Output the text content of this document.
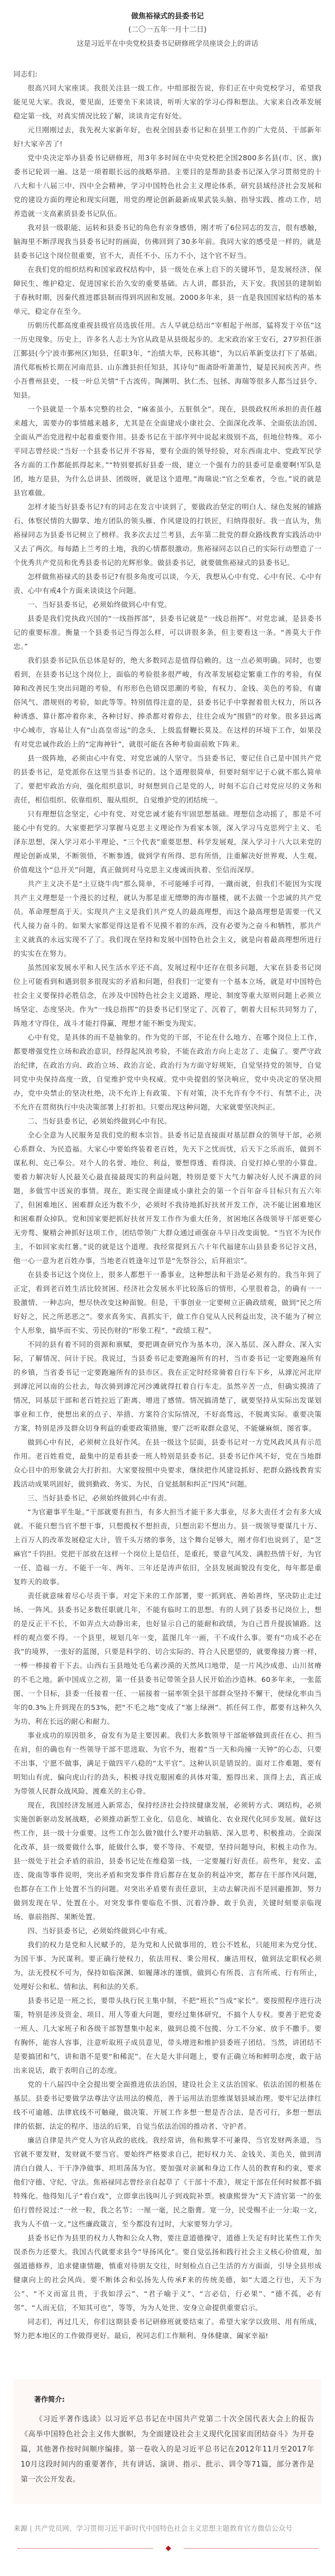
做焦裕禄式的县委书记
(二〇一五年一月十二日)
这是习近平在中央党校县委书记研修班学员座谈会上的讲话

同志们:

很高兴同大家座谈。我很关注县一级工作。中组部报告说，你们正在中央党校学习，希望我能见见大家。我说，要见面，还要坐下来谈谈，听听大家的学习心得和想法。大家来自改革发展稳定第一线，对真实情况比较了解，谈谈肯定有好处。

元旦刚刚过去，我先祝大家新年好，也祝全国县委书记和在县里工作的广大党员、干部新年好!大家辛苦了!

党中央决定举办县委书记研修班，用3年多时间在中央党校把全国2800多名县(市、区、旗)委书记轮训一遍。这是一项着眼长远的战略举措。主要目的是帮助县委书记深入学习贯彻党的十八大和十八届三中、四中全会精神，学习中国特色社会主义理论体系，研究县域经济社会发展和党的建设方面的理论和现实问题，用党的理论创新最新成果武装头脑、指导实践、推动工作，培养造就一支高素质县委书记队伍。

我对县一级职能、运转和县委书记的角色有亲身感悟，刚才听了6位同志的发言，很有感触，脑海里不断浮现我当县委书记时的画面，仿佛回到了30多年前。我同大家的感受是一样的，就是县委书记这个岗位很重要，官不大，责任不小、压力不小，这个官不好当。

在我们党的组织结构和国家政权结构中，县一级处在承上启下的关键环节，是发展经济、保障民生、维护稳定、促进国家长治久安的重要基础。古人讲，郡县治，天下安。我国县的建制始于春秋时期，因秦代推进郡县制而得到巩固和发展。2000多年来，县一直是我国国家结构的基本单元，稳定存在至今。

历朝历代都高度重视县级官员选拔任用。古人早就总结出“宰相起于州部，猛将发于卒伍”这一历史现象。历史上，许多名人志士为官从政是从县级起步的。北宋政治家王安石，27岁担任浙江鄞县(今宁波市鄞州区)知县，任职3年，“治绩大举，民称其德”，为以后革新变法打下了基础。清代郑板桥长期在河南范县、山东潍县担任知县，其诗句“衙斋卧听萧萧竹，疑是民间疾苦声。些小吾曹州县吏，一枝一叶总关情”千古流传。陶渊明、狄仁杰、包拯、海瑞等很多人都当过县令、知县。

一个县就是一个基本完整的社会，“麻雀虽小，五脏俱全”。现在，县级政权所承担的责任越来越大，需要办的事情越来越多，尤其是在全面建成小康社会、全面深化改革、全面依法治国、全面从严治党进程中起着重要作用。县委书记在干部序列中说起来级别不高，但地位特殊。邓小平同志曾经说:“当好一个县委书记并不容易，要有全面的领导经验，对东西南北中、党政军民学各方面的工作都能抓得起来。”“特别要抓好县委一级，建立一个强有力的县委可是重要啊!军队是团，地方是县，为什么总讲县、团级呀，就是这个道理。”海瑞说:“官之至难者，令也。”说的就是县官难做。

怎样才能当好县委书记?有的同志在发言中谈到了，要做政治坚定的明白人、绿色发展的铺路石、体察民情的大脚掌、地方团队的领头雁、作风建设的打铁匠，归纳得很好。我一直认为，焦裕禄同志为县委书记树立了榜样。我多次去过兰考县，去年第二批党的群众路线教育实践活动中又去了两次。每每踏上兰考的土地，我的心情都很激动。焦裕禄同志以自己的实际行动塑造了一个优秀共产党员和优秀县委书记的光辉形象。做县委书记，就要做焦裕禄式的县委书记。

怎样做焦裕禄式的县委书记?有很多角度可以谈，今天，我想从心中有党、心中有民、心中有责、心中有戒4个方面来谈谈这个问题。

一、当好县委书记，必须始终做到心中有党。

县委是我们党执政兴国的“一线指挥部”，县委书记就是“一线总指挥”。对党忠诚，是县委书记的重要标准。衡量一个县委书记当得怎么样，可以讲很多条，但主要看这一条。“善莫大于作忠。”

我们县委书记队伍总体是好的，绝大多数同志是值得信赖的。这一点必须明确。同时，也要看到，在县委书记这个岗位上，面临的考验很多很严峻，有改革发展稳定繁重工作的考验，有保障和改善民生突出问题的考验，有形形色色错误思潮的考验，有权力、金钱、美色的考验，有庸俗风气、潜规则的考验，如此等等。特别值得注意的是，县委书记手中掌握着很大权力，所以各种诱惑、算计都冲着你来，各种讨好、捧杀都对着你去，往往会成为“围猎”的对象。很多县远离中心城市，容易让人有“山高皇帝远”的念头，上级监督鞭长莫及。在这样的环境下工作，如果没有对党忠诚作政治上的“定海神针”，就很可能在各种考验面前败下阵来。

县一级阵地，必须由心中有党、对党忠诚的人坚守。当县委书记，要记住自己是中国共产党的县委书记，是党派你在这里当县委书记的。这个道理很简单，但要时刻牢记于心就不那么简单了。要把牢政治方向，强化组织意识，时刻想到自己是党的人，时刻不忘自己对党应尽的义务和责任，相信组织、依靠组织、服从组织，自觉维护党的团结统一。

只有理想信念坚定，心中有党、对党忠诚才能有牢固思想基础。理想信念动摇了，那是不可能心中有党的。大家要把学习掌握马克思主义理论作为看家本领，深入学习马克思列宁主义、毛泽东思想，深入学习邓小平理论、“三个代表”重要思想、科学发展观，深入学习十八大以来党的理论创新成果，不断领悟，不断参透，做到学有所得、思有所悟，注重解决好世界观、人生观、价值观这个“总开关”问题，真正做到对马克思主义虔诚而执着、至信而深厚。

共产主义决不是“土豆烧牛肉”那么简单，不可能唾手可得，一蹴而就，但我们不能因为实现共产主义理想是一个漫长的过程，就认为那是虚无缥缈的海市蜃楼，就不去做一个忠诚的共产党员。革命理想高于天。实现共产主义是我们共产党人的最高理想，而这个最高理想是需要一代又代人接力奋斗的。如果大家都觉得这是看不见摸不着的东西，没有必要为之奋斗和牺牲，那共产主义就真的永远实现不了了。我们现在坚持和发展中国特色社会主义，就是向着最高理想所进行的实实在在努力。

虽然国家发展水平和人民生活水平还不高，发展过程中还存在很多问题，大家在县委书记岗位上可能看到和遇到很多很现实的矛盾和问题，但我们一定要有一个基本立场，就是对中国特色社会主义要保持必胜信念，在涉及中国特色社会主义道路、理论、制度等重大原则问题上必须立场坚定、态度坚决。作为“一线总指挥”的县委书记们坚定了、沉着了，朝着大目标共同努力了，阵地才守得住，战斗才能打得赢，理想才能不断变为现实。

心中有党，是具体的而不是抽象的。作为党的干部，不论在什么地方、在哪个岗位上工作，都要增强党性立场和政治意识，经得起风浪考验，不能在政治方向上走岔了、走偏了。要严守政治纪律，在政治方向、政治立场、政治言论、政治行为方面守好规矩，自觉坚持党的领导，自觉同党中央保持高度一致，自觉维护党中央权威。党中央提倡的坚决响应，党中央决定的坚决照办，党中央禁止的坚决杜绝，决不允许上有政策、下有对策，决不允许有令不行、有禁不止，决不允许在贯彻执行中央决策部署上打折扣。只要出现这种问题，大家就要坚决纠正。

二、当好县委书记，必须始终做到心中有民。

全心全意为人民服务是我们党的根本宗旨。县委书记是直接面对基层群众的领导干部，必须心系群众、为民造福。大家心中要始终装着老百姓，先天下之忧而忧，后天下之乐而乐，做到不谋私利、克己奉公。对个人的名誉、地位、利益，要想得透、看得淡，自觉打掉心里的小算盘。要着力解决好人民最关心最直接最现实的利益问题，特别是要下大气力解决好人民不满意的问题，多做雪中送炭的事情。现在，距实现全面建成小康社会的第一个百年奋斗目标只有五六年了，但困难地区、困难群众还为数不少，必须时不我待地抓好扶贫开发工作，决不能让困难地区和困难群众掉队。党和国家要把抓好扶贫开发工作作为重大任务，贫困地区各级领导干部更要心无旁骛、聚精会神抓好这项工作，团结带领广大群众通过顽强奋斗早日改变面貌。“当官不为民作主，不如回家卖红薯。”说的就是这个道理。我经常提到五六十年代福建东山县县委书记谷文昌，他一心一意为老百姓办事，当地老百姓逢年过节是“先祭谷公，后拜祖宗”。

在县委书记这个岗位上，很多人都想干一番事业，这种想法和干劲是必须有的。我当年到了正定，看到老百姓生活比较贫困、经济社会发展水平比较落后的情形，心里很着急，的确有一一股激情、一种志向，想尽快改变这种面貌。但是，干事创业一定要树立正确政绩观，做到“民之所好好之，民之所恶恶之”。要求真务实、真抓实干，做工作自觉从人民利益出发，决不能为了树立个人形象，搞华而不实、劳民伤财的“形象工程”、“政绩工程”。

不同的县有着不同的资源和禀赋，要把调查研究作为基本功，深入基层、深入群众、深入实际，了解情况、问计于民。我说过，当县委书记走要跑遍所有的村，当市委书记一定要跑遍所有的乡镇，当省委书记一定要跑遍所有的县市区。我在正定时经常骑着自行车下乡，从滹沱河北岸到滹沱河以南的公社去，每次骑到滹沱河沙滩就得扛着自行车走。虽然辛苦一点，但确实摸清了情况，同基层干部和老百姓拉近了距离、增进了感情。情况搞清楚了，就要坚持从实际出发谋划事业和工作，使想出来的点子、举措、方案符合实际情况，不好高骛远，不脱离实际。重要决策方案，特别是涉及群众切身利益的重要政策措施，要广泛听取群众意见，不能嫌麻烦、图省事。

做到心中有民，必须树立良好作风。在县一级这个层面，县委书记对一方党风政风具有示范作用。老百姓看党，最集中的是看县委一班人特别是县委书记。县委书记作风不好，党在当地群众心目中的形象就会大打折扣。大家要按照中央要求，继续把作风建设抓好、把群众路线教育实践活动成果巩固好，做到勤政、务实、为民，自觉抵制和纠正“四风”问题。

三、当好县委书记，必须始终做到心中有责。

“为官避事平生耻。”干部就要有担当，有多大担当才能干多大事业，尽多大责任才会有多大成就。不能只想当官不想干事，只想揽权不想担责，只想出彩不想出力。县一级领导要谋几十万、上百万人的改革发展稳定大计，管千头万绪的事务，这个舞台足够大，刚才你们也说到了，是“芝麻官”千钧担。党把干部放在这样一个岗位上是信任，是重托，要意气风发、满腔热情干好，为官一任、造福一方。不能干一年、两年、三年还是涛声依旧，全县发展面貌没有变化，每年都是重复昨天的故事。

责任就意味着尽心尽责干事。对定下来的工作部署，要一抓到底、善始善终，坚决防止走过场、一阵风。县委书记多数任职就几年，不能有临时工的思想。有的人到了县委书记岗位上，想的是反正干不长，不如弄点大动静出来，也好显示自己的能耐和政绩，为自己晋升提拔铺路。这样的观点要不得。一个县里，规划几年一变，蓝图几年一画，干不成什么事。要有“功成不必在我”的境界，一张好的蓝图，只要是科学的、切合实际的、符合人民愿望的，就要像接力赛一样，一棒一棒接着干下去。山西右玉县地处毛乌素沙漠的天然风口地带，是一片风沙成患、山川贫瘠的不毛之地。新中国成立之初，第一任县委书记带领全县人民开始治沙造林。60多年来，一张蓝图、一个目标，县委一任接着一任、一届接着一届率领全县干部群众坚持不懈干，使绿化率由当年的0.3%上升到现在的53%，把“不毛之地”变成了“塞上绿洲”。抓任何工作，都要有这种久久为功、利在长远的耐心和耐力。

事业成功的原因很多，奋发有为是主要因素。我们大多数领导干部能够做到责任在心、担当在肩，但的确也有一些领导干部不思进取、为官不为，抱着“当一天和尚撞一天钟”的心态，只要不出事，宁愿不做事，满足于做四平八稳的“太平官”。这种认识是错误的。面对工作难题，要有明知山有虎、偏向虎山行的劲头，积极寻找克服困难的具体对策，豁得出来、顶得上去，真正成为带领人民群众战风险、渡难关的主心骨。

现在，我国经济发展进入新常态，保持经济社会持续健康发展，必须转方式、调结构，必须实施创新驱动发展战略，必须推动新型工业化、信息化、城镇化、农业现代化同步发展。做好这些工作，县一级十分重要。这些工作怎么做?做什么?要开动脑筋、深入思考、积极推动。全面深化改革，县一级要做什么事，能做什么事，要不等待、不观望，坚持问题导向，积极主动作为。县一级处于社会矛盾的前沿，县委书记处在维稳第一线，一定要履行好责任。前些年，瓮安、孟连、陇南等事件说明，突出矛盾和突发事件背后都存在复杂的利益冲突，都存在干部作风问题，也都存在工作上处置不当的问题。对突出矛盾要有责任意识，主动去解决而不是回避推卸，努力做到发现在早、处置在小。对突发事件要临危不惧、沉着冷静、敢于负责，关键时刻要亲临现场、靠前指挥、果断处置。

四、当好县委书记，必须始终做到心中有戒。

我们的权力是党和人民赋予的，是为党和人民做事用的，姓公不姓私，只能用来为党分忧、为国干事、为民谋利。要正确行使权力，依法用权、秉公用权、廉洁用权，做到法定职权必须为，法无授权不可为，保持如临深渊、如履薄冰的谨慎，做到心有所畏、言有所戒、行有所止，处理好公和私、情和法、利和法的关系。

县委书记是一班之长，要带头执行民主集中制，不把“班长”当成“家长”。要按照程序进行决策，特别是涉及资金、项目、用人等重大问题，要经过集体研究，不搞个人专权。要善于把党委一班人、几大家班子和各级干部智慧集中起来，做到总揽不包揽、分工不分家、放手不撒手。要有胸怀，能容人容事，注意听取班子成员意见，带头增进和维护县委班子团结。当然，讲团结不是要搞团和气，讲和谐不是要“和稀泥”。在大是大非问题上，要有正确立场和鲜明态度，敢于站出来说话，敢于表明自己的态度。

党的十八届四中全会提出要全面推进依法治国，建设社会主义法治国家。依法治国的根基在基层。县委书记要做学法尊法守法用法的模范，善于运用法治思维谋划县域治理。要牢记法律红线不可逾越、法律底线不可触碰，做决策、开展工作多想一想是否合法、是否可行，多想一想法律的依据、法定的程序、违法的后果，自觉当依法治国的推动者、守护者。

廉洁自律是共产党人为官从政的底线。我经常讲，鱼和熊掌不可兼得，当官发财两条道，当官就不要发财，发财就不要当官。要始终严格要求自己，把好权力关、金钱关、美色关，做到清清白白做人、干干净净做事、坦坦荡荡为官。要加强对亲属和身边工作人员的教育和约束，要求他们守德、守纪、守法。焦裕禄同志曾经亲自起草了《干部十不准》，规定干部在任何时候都不搞特殊化。他得知儿子“看白戏”，立即拿出钱叫儿子到戏院补票。被康熙誉为“天下清官第一”的张伯行曾经说过:“一丝一粒，我之名节；一厘一毫，民之脂膏。宽一分，民受赐不止一分:取一文，我为人不值一文。”这些廉政箴言，至今都没有过时，大家要努力学习。

县委书记作为县里的权力人物和公众人物，要注意道德操守，道德上失足有时比某些工作失误杀伤力还要大。我国古代就要求县令“导扬风化”。要自觉弘扬和践行社会主义核心价值观，加强道德修养，追求健康情趣，慎重对待朋友交往，时刻检点自己生活的方方面面，引导全县形成健康向上的社会风尚。要不断体会和弘扬先人传承F来的传统美德，如“大道之行也，天下为公”、“不义而富且贵，于我如浮云”、“君子喻于义”、“言必信，行必果”、“德不孤，必有邻”、“人而无信，不知其可也”，等等，为为人处世、安身立命提供重要启示。

同志们，再过几天，你们这期县委书记研修班就要结束了。希望大家学以致用、用有所成，努力把本地区的工作做得更好。最后，祝同志们工作顺利、身体健康、阖家幸福!

著作简介:

《习近平著作选读》以习近平总书记在中国共产党第二十次全国代表大会上的报告《高举中国特色社会主义伟大旗帜，为全面建设社会主义现代化国家而团结奋斗》为开卷篇，其他著作按时间顺序编排。第一卷收入的是习近平总书记在2012年11月至2017年10月这段时间内的重要著作，共有讲话、演讲、指示、批示、训令等71篇，部分著作是第一次公开发表。

来源 | 共产党员网、学习贯彻习近平新时代中国特色社会主义思想主题教育官方微信公众号
